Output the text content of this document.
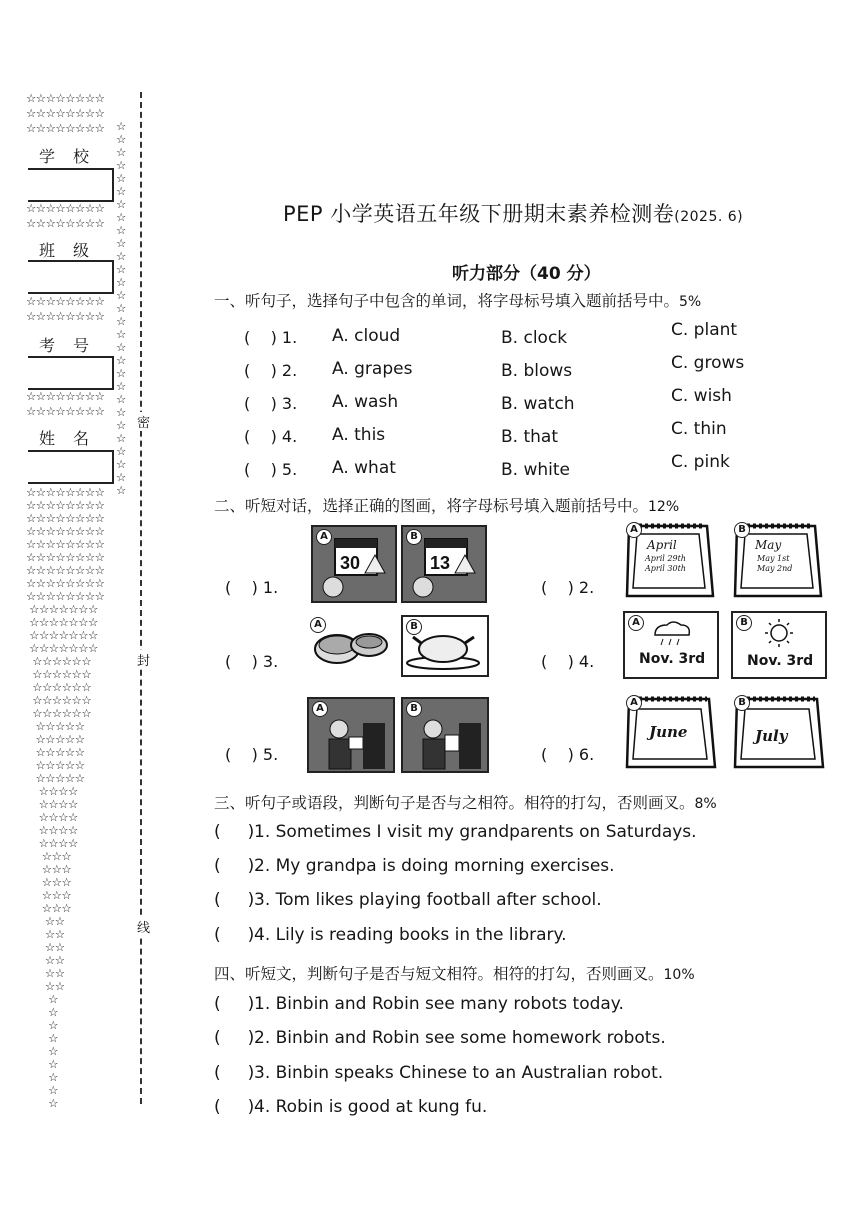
☆☆☆☆☆☆☆☆
☆☆☆☆☆☆☆☆
☆☆☆☆☆☆☆☆
学校
☆☆☆☆☆☆☆☆
☆☆☆☆☆☆☆☆
班级
☆☆☆☆☆☆☆☆
☆☆☆☆☆☆☆☆
考号
☆☆☆☆☆☆☆☆
☆☆☆☆☆☆☆☆
姓名
☆
☆
☆
☆
☆
☆
☆
☆
☆
☆
☆
☆
☆
☆
☆
☆
☆
☆
☆
☆
☆
☆
☆
☆
☆
☆
☆
☆
☆
☆☆☆☆☆☆☆☆
☆☆☆☆☆☆☆☆
☆☆☆☆☆☆☆☆
☆☆☆☆☆☆☆☆
☆☆☆☆☆☆☆☆
☆☆☆☆☆☆☆☆
☆☆☆☆☆☆☆☆
☆☆☆☆☆☆☆☆
☆☆☆☆☆☆☆☆
☆☆☆☆☆☆☆
☆☆☆☆☆☆☆
☆☆☆☆☆☆☆
☆☆☆☆☆☆☆
☆☆☆☆☆☆
☆☆☆☆☆☆
☆☆☆☆☆☆
☆☆☆☆☆☆
☆☆☆☆☆☆
☆☆☆☆☆
☆☆☆☆☆
☆☆☆☆☆
☆☆☆☆☆
☆☆☆☆☆
☆☆☆☆
☆☆☆☆
☆☆☆☆
☆☆☆☆
☆☆☆☆
☆☆☆
☆☆☆
☆☆☆
☆☆☆
☆☆☆
☆☆
☆☆
☆☆
☆☆
☆☆
☆☆
☆
☆
☆
☆
☆
☆
☆
☆
☆
密
封
线
PEP 小学英语五年级下册期末素养检测卷(2025. 6)
听力部分（40 分）
一、听句子，选择句子中包含的单词，将字母标号填入题前括号中。5%
(    ) 1. A. cloud	B. clock	C. plant
(    ) 2. A. grapes	B. blows	C. grows
(    ) 3. A. wash	B. watch	C. wish
(    ) 4. A. this	B. that	C. thin
(    ) 5. A. what	B. white	C. pink
二、听短对话，选择正确的图画，将字母标号填入题前括号中。12%
(    ) 1.
A
30
B
13
(    ) 2.
A
April
April 29th
April 30th
B
May
May 1st
May 2nd
(    ) 3.
A	B
(    ) 4.
A
Nov. 3rd
B
Nov. 3rd
(    ) 5.
A	B
(    ) 6.
A
June
B
July
三、听句子或语段，判断句子是否与之相符。相符的打勾，否则画叉。8%
(     )1. Sometimes I visit my grandparents on Saturdays.
(     )2. My grandpa is doing morning exercises.
(     )3. Tom likes playing football after school.
(     )4. Lily is reading books in the library.
四、听短文，判断句子是否与短文相符。相符的打勾，否则画叉。10%
(     )1. Binbin and Robin see many robots today.
(     )2. Binbin and Robin see some homework robots.
(     )3. Binbin speaks Chinese to an Australian robot.
(     )4. Robin is good at kung fu.
